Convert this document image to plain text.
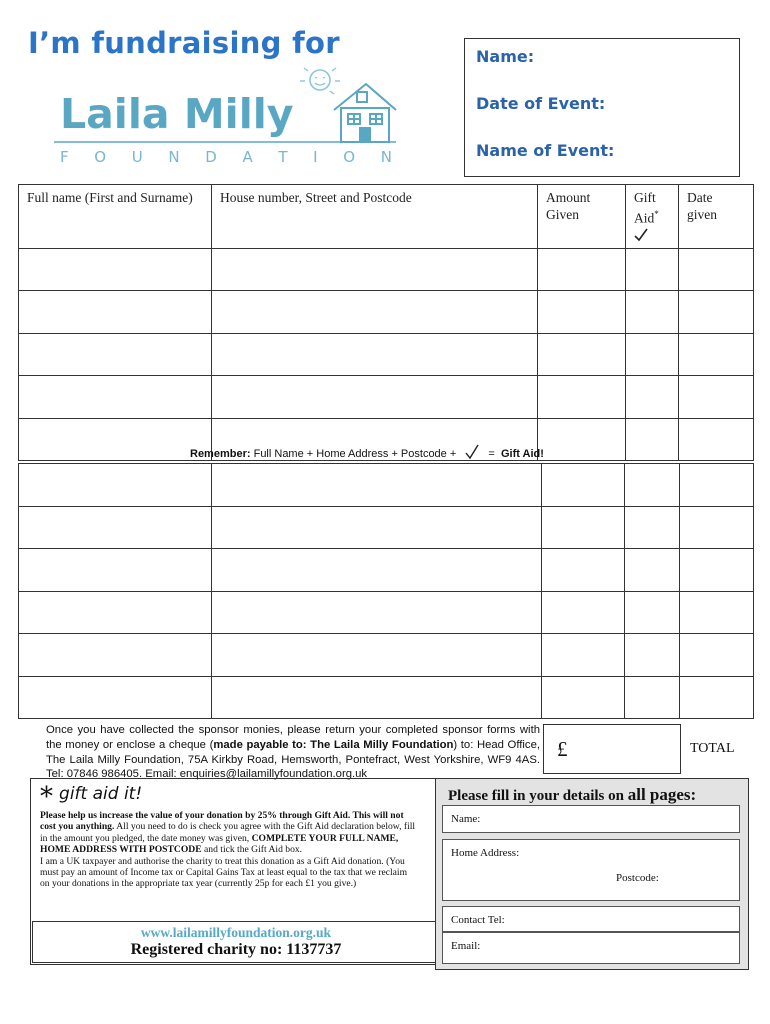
I’m fundraising for
Laila Milly
F O U N D A T I O N
Name:
Date of Event:
Name of Event:
Full name (First and Surname)	House number, Street and Postcode	Amount Given	Gift Aid*	Date given

Remember: Full Name + Home Address + Postcode +	= Gift Aid!

Once you have collected the sponsor monies, please return your completed sponsor forms with the money or enclose a cheque (made payable to: The Laila Milly Foundation) to: Head Office, The Laila Milly Foundation, 75A Kirkby Road, Hemsworth, Pontefract, West Yorkshire, WF9 4AS. Tel: 07846 986405. Email: enquiries@lailamillyfoundation.org.uk
£	TOTAL
* gift aid it!
Please help us increase the value of your donation by 25% through Gift Aid. This will not cost you anything. All you need to do is check you agree with the Gift Aid declaration below, fill in the amount you pledged, the date money was given, COMPLETE YOUR FULL NAME, HOME ADDRESS WITH POSTCODE and tick the Gift Aid box.
I am a UK taxpayer and authorise the charity to treat this donation as a Gift Aid donation. (You must pay an amount of Income tax or Capital Gains Tax at least equal to the tax that we reclaim on your donations in the appropriate tax year (currently 25p for each £1 you give.)
www.lailamillyfoundation.org.uk
Registered charity no: 1137737
Please fill in your details on all pages:
Name:
Home Address:
Postcode:
Contact Tel:
Email:
